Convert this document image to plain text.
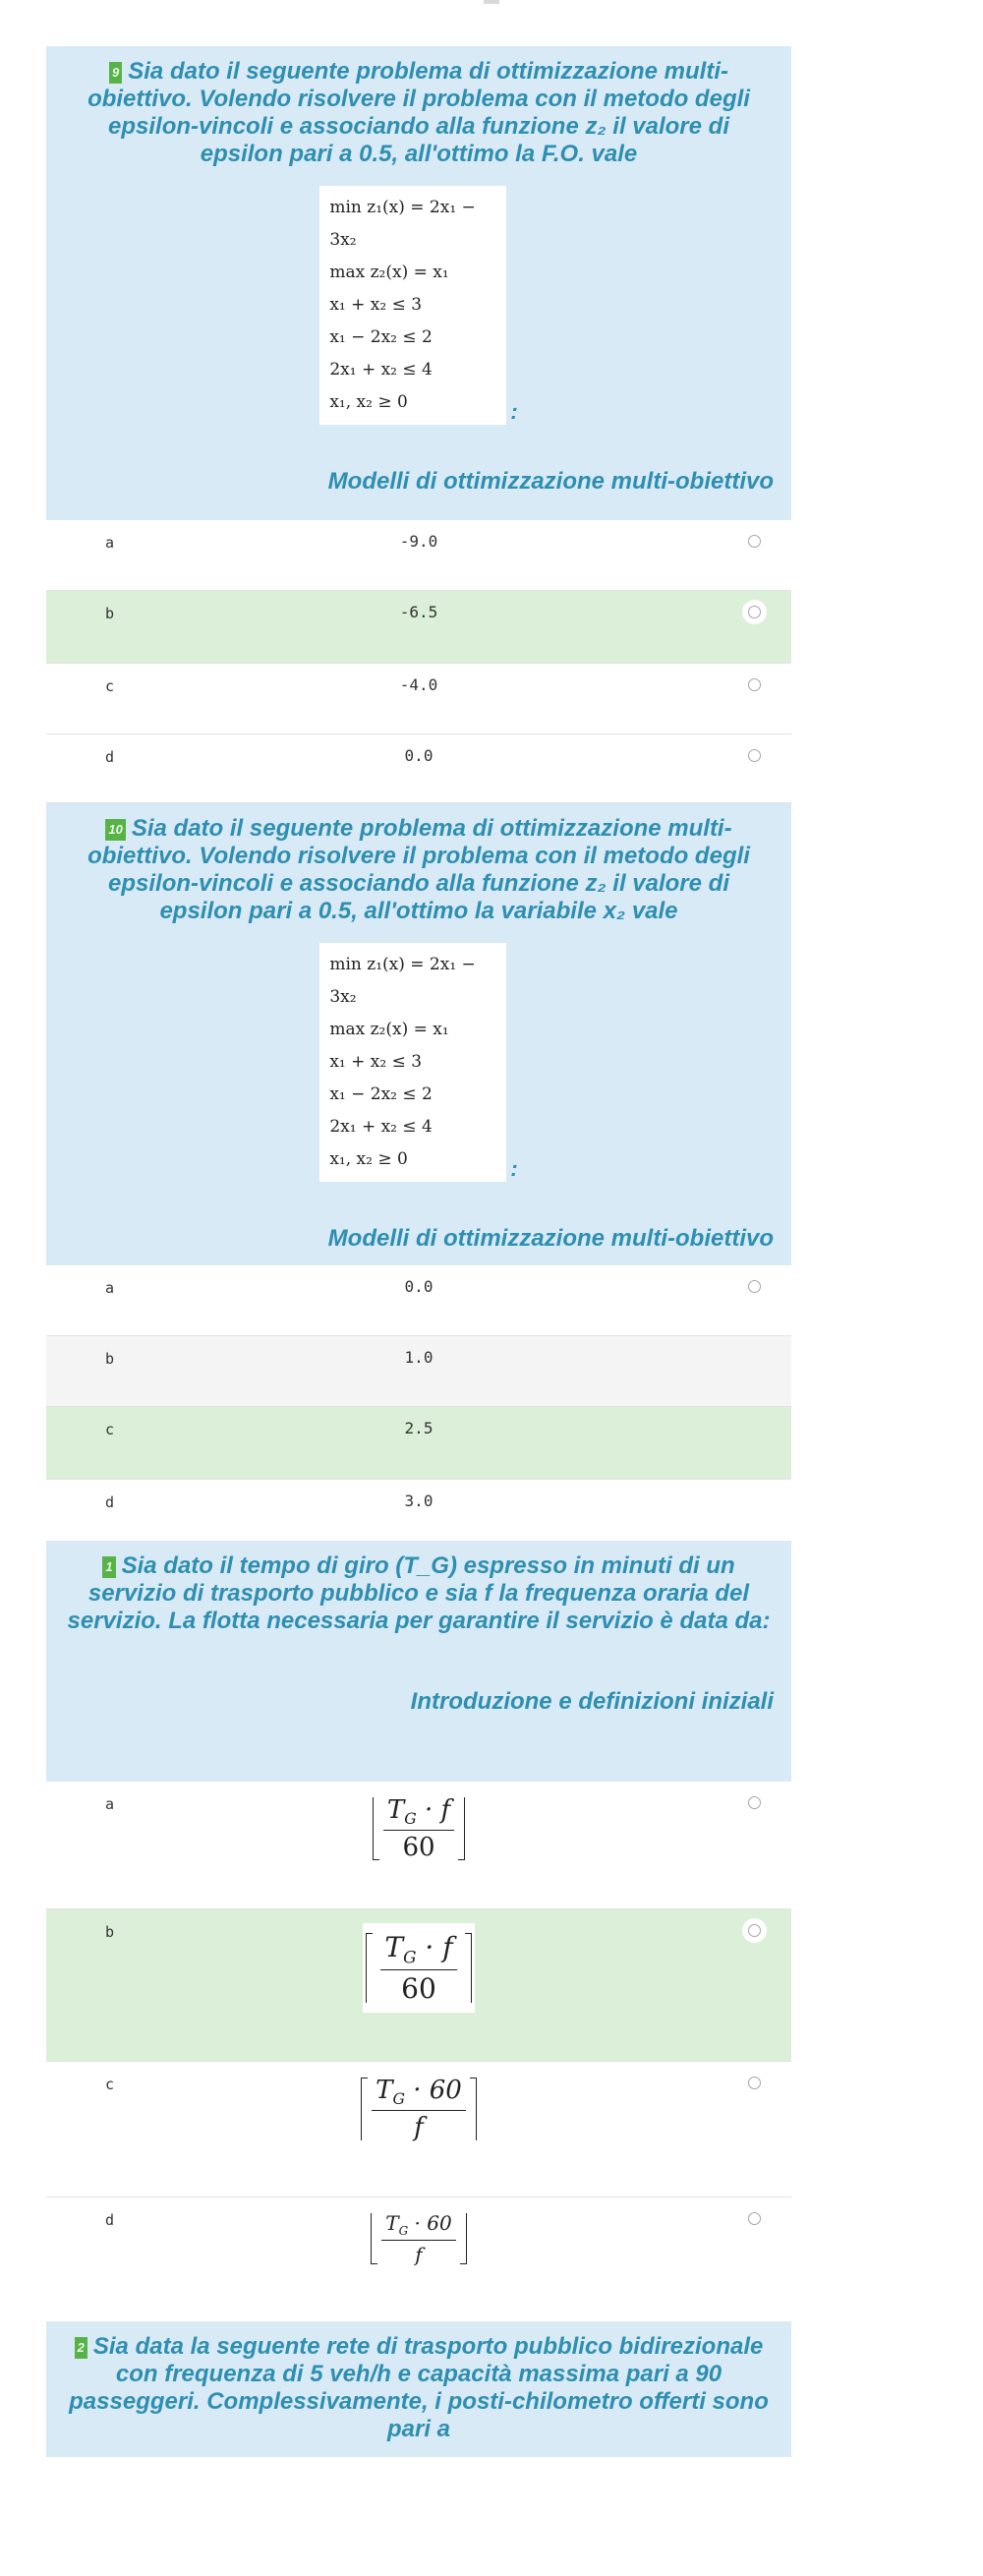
9 Sia dato il seguente problema di ottimizzazione multi-obiettivo. Volendo risolvere il problema con il metodo degli epsilon-vincoli e associando alla funzione z₂ il valore di epsilon pari a 0.5, all'ottimo la F.O. vale
min z₁(x) = 2x₁ − 3x₂
max z₂(x) = x₁
x₁ + x₂ ≤ 3
x₁ − 2x₂ ≤ 2
2x₁ + x₂ ≤ 4
x₁, x₂ ≥ 0	:
Modelli di ottimizzazione multi-obiettivo
a	-9.0
b	-6.5
c	-4.0
d	0.0
10 Sia dato il seguente problema di ottimizzazione multi-obiettivo. Volendo risolvere il problema con il metodo degli epsilon-vincoli e associando alla funzione z₂ il valore di epsilon pari a 0.5, all'ottimo la variabile x₂ vale
min z₁(x) = 2x₁ − 3x₂
max z₂(x) = x₁
x₁ + x₂ ≤ 3
x₁ − 2x₂ ≤ 2
2x₁ + x₂ ≤ 4
x₁, x₂ ≥ 0	:
Modelli di ottimizzazione multi-obiettivo
a	0.0
b	1.0
c	2.5
d	3.0
1 Sia dato il tempo di giro (T_G) espresso in minuti di un servizio di trasporto pubblico e sia f la frequenza oraria del servizio. La flotta necessaria per garantire il servizio è data da:
Introduzione e definizioni iniziali
a	$\frac{T_G \cdot f}{60}$
b	$\frac{T_G \cdot f}{60}$
c	$\frac{T_G \cdot 60}{f}$
d	$\frac{T_G \cdot 60}{f}$
2 Sia data la seguente rete di trasporto pubblico bidirezionale con frequenza di 5 veh/h e capacità massima pari a 90 passeggeri. Complessivamente, i posti-chilometro offerti sono pari a
